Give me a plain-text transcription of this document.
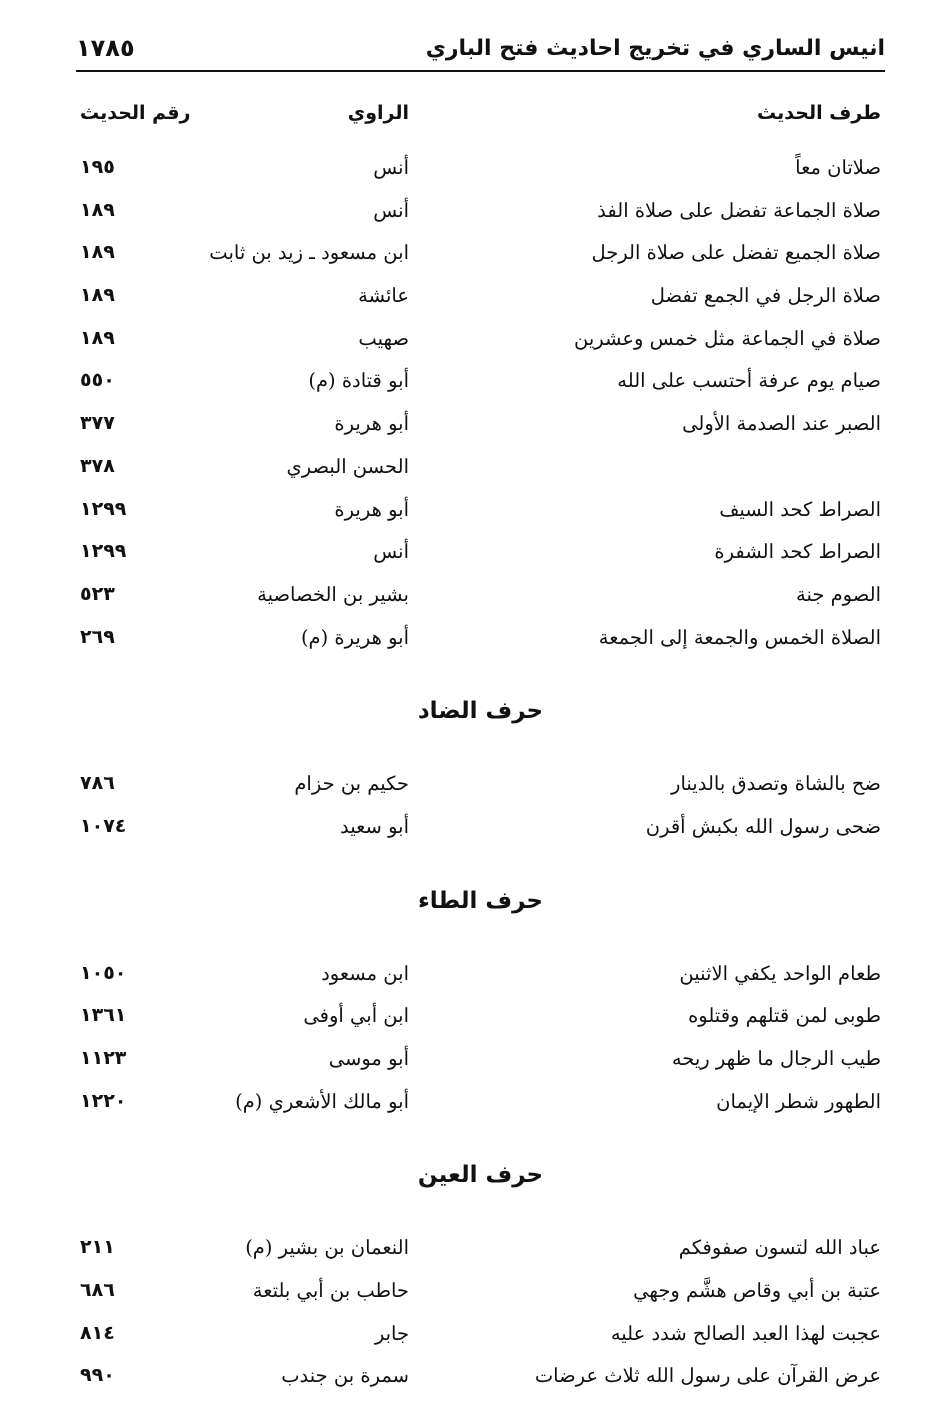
انيس الساري في تخريج احاديث فتح الباري
١٧٨٥
طرف الحديث
الراوي
رقم الحديث
صلاتان معاً
أنس
١٩٥
صلاة الجماعة تفضل على صلاة الفذ
أنس
١٨٩
صلاة الجميع تفضل على صلاة الرجل
ابن مسعود ـ زيد بن ثابت
١٨٩
صلاة الرجل في الجمع تفضل
عائشة
١٨٩
صلاة في الجماعة مثل خمس وعشرين
صهيب
١٨٩
صيام يوم عرفة أحتسب على الله
أبو قتادة (م)
٥٥٠
الصبر عند الصدمة الأولى
أبو هريرة
٣٧٧
الحسن البصري
٣٧٨
الصراط كحد السيف
أبو هريرة
١٢٩٩
الصراط كحد الشفرة
أنس
١٢٩٩
الصوم جنة
بشير بن الخصاصية
٥٢٣
الصلاة الخمس والجمعة إلى الجمعة
أبو هريرة (م)
٢٦٩
حرف الضاد
ضح بالشاة وتصدق بالدينار
حكيم بن حزام
٧٨٦
ضحى رسول الله بكبش أقرن
أبو سعيد
١٠٧٤
حرف الطاء
طعام الواحد يكفي الاثنين
ابن مسعود
١٠٥٠
طوبى لمن قتلهم وقتلوه
ابن أبي أوفى
١٣٦١
طيب الرجال ما ظهر ريحه
أبو موسى
١١٢٣
الطهور شطر الإيمان
أبو مالك الأشعري (م)
١٢٢٠
حرف العين
عباد الله لتسون صفوفكم
النعمان بن بشير (م)
٢١١
عتبة بن أبي وقاص هشَّم وجهي
حاطب بن أبي بلتعة
٦٨٦
عجبت لهذا العبد الصالح شدد عليه
جابر
٨١٤
عرض القرآن على رسول الله ثلاث عرضات
سمرة بن جندب
٩٩٠
